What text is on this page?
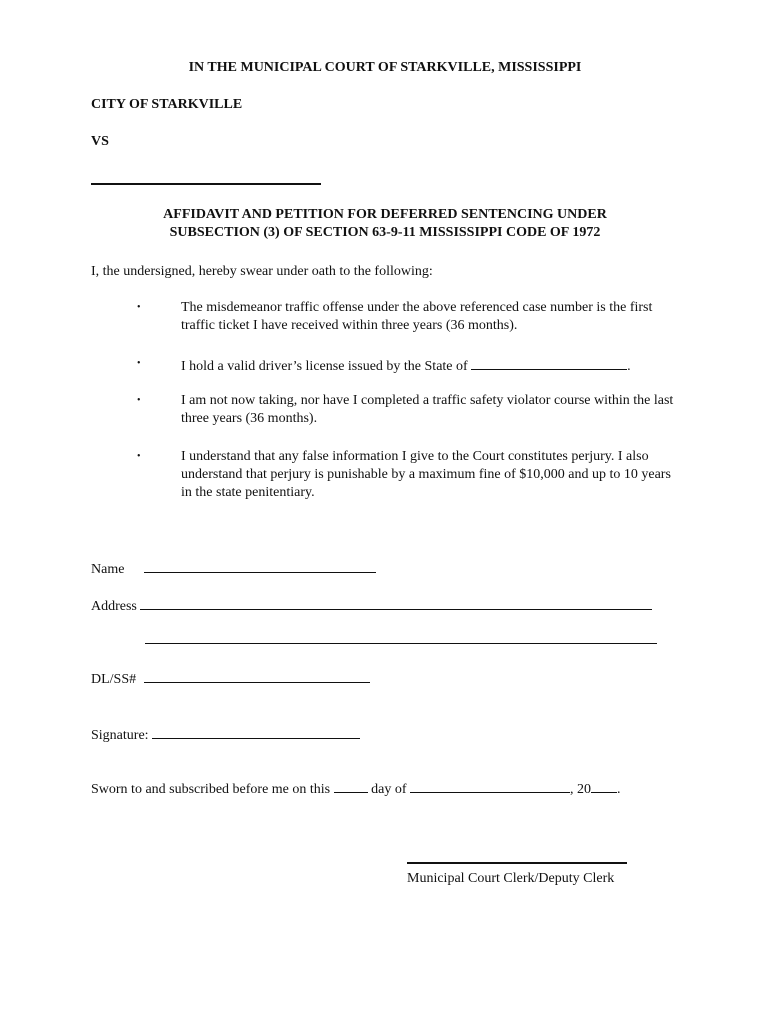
IN THE MUNICIPAL COURT OF STARKVILLE, MISSISSIPPI
CITY OF STARKVILLE
VS
AFFIDAVIT AND PETITION FOR DEFERRED SENTENCING UNDER
SUBSECTION (3) OF SECTION 63-9-11 MISSISSIPPI CODE OF 1972
I, the undersigned, hereby swear under oath to the following:
•	The misdemeanor traffic offense under the above referenced case number is the first traffic ticket I have received within three years (36 months).
•	I hold a valid driver’s license issued by the State of	.
•	I am not now taking, nor have I completed a traffic safety violator course within the last three years (36 months).
•	I understand that any false information I give to the Court constitutes perjury. I also understand that perjury is punishable by a maximum fine of $10,000 and up to 10 years in the state penitentiary.
Name
Address
DL/SS#
Signature:
Sworn to and subscribed before me on this	day of	, 20 .
Municipal Court Clerk/Deputy Clerk
